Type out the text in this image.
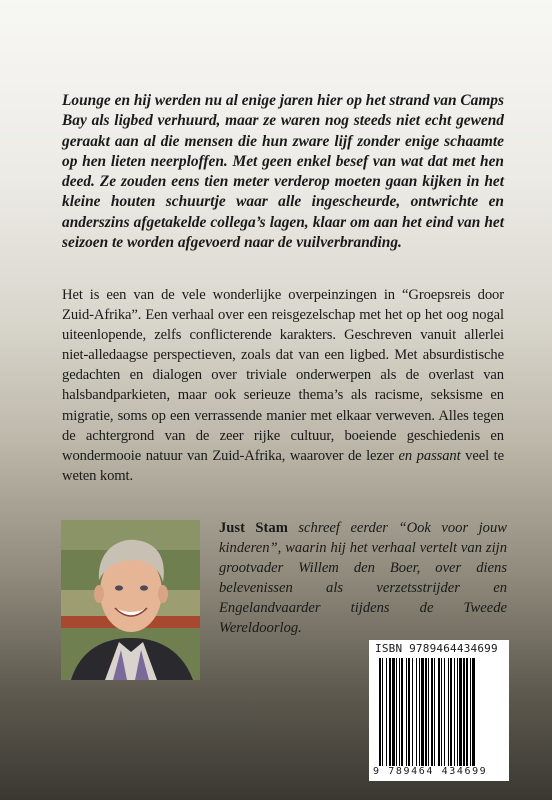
Lounge en hij werden nu al enige jaren hier op het strand van Camps Bay als ligbed verhuurd, maar ze waren nog steeds niet echt gewend geraakt aan al die mensen die hun zware lijf zonder enige schaamte op hen lieten neerploffen. Met geen enkel besef van wat dat met hen deed. Ze zouden eens tien meter verderop moeten gaan kijken in het kleine houten schuurtje waar alle ingescheurde, ontwrichte en anderszins afgetakelde collega’s lagen, klaar om aan het eind van het seizoen te worden afgevoerd naar de vuilverbranding.

Het is een van de vele wonderlijke overpeinzingen in “Groepsreis door Zuid-Afrika”. Een verhaal over een reisgezelschap met het op het oog nogal uiteenlopende, zelfs conflicterende karakters. Geschreven vanuit allerlei niet-alledaagse perspectieven, zoals dat van een ligbed. Met absurdistische gedachten en dialogen over triviale onderwerpen als de overlast van halsbandparkieten, maar ook serieuze thema’s als racisme, seksisme en migratie, soms op een verrassende manier met elkaar verweven. Alles tegen de achtergrond van de zeer rijke cultuur, boeiende geschiedenis en wondermooie natuur van Zuid-Afrika, waarover de lezer en passant veel te weten komt.

Just Stam schreef eerder “Ook voor jouw kinderen”, waarin hij het verhaal vertelt van zijn grootvader Willem den Boer, over diens belevenissen als verzetsstrijder en Engelandvaarder tijdens de Tweede Wereldoorlog.

ISBN 9789464434699

9 789464 434699
